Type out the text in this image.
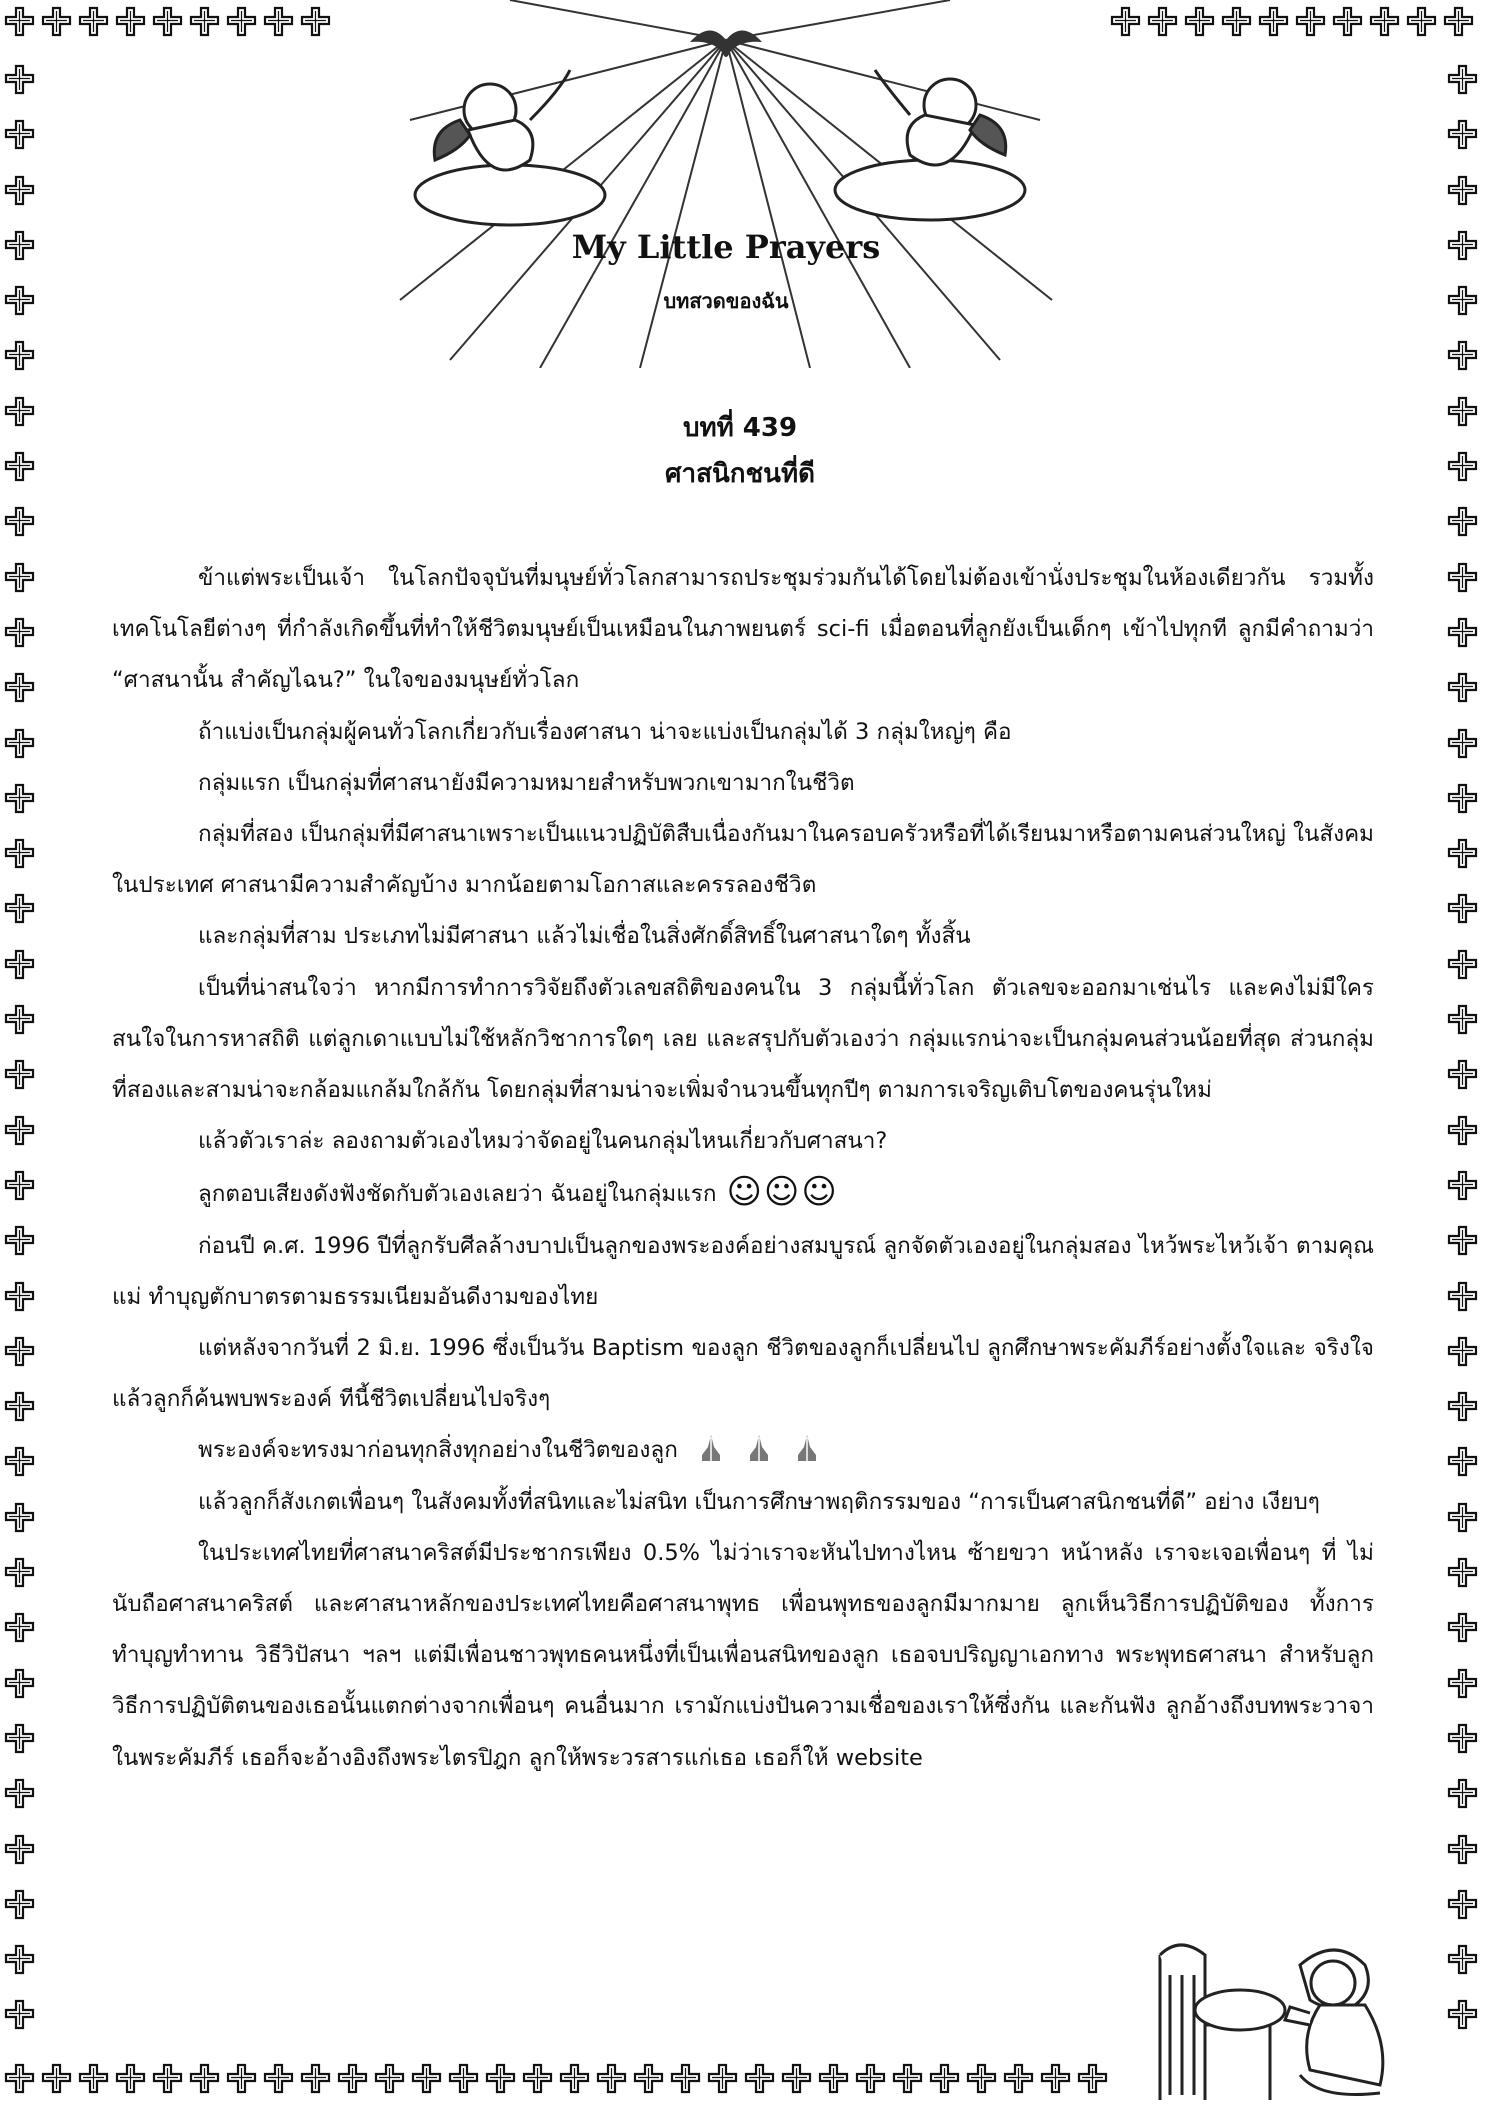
My Little Prayers
บทสวดของฉัน
บทที่ 439
ศาสนิกชนที่ดี

ข้าแต่พระเป็นเจ้า ในโลกปัจจุบันที่มนุษย์ทั่วโลกสามารถประชุมร่วมกันได้โดยไม่ต้องเข้านั่งประชุมในห้องเดียวกัน รวมทั้งเทคโนโลยีต่างๆ ที่กำลังเกิดขึ้นที่ทำให้ชีวิตมนุษย์เป็นเหมือนในภาพยนตร์ sci-fi เมื่อตอนที่ลูกยังเป็นเด็กๆ เข้าไปทุกที ลูกมีคำถามว่า “ศาสนานั้น สำคัญไฉน?” ในใจของมนุษย์ทั่วโลก

ถ้าแบ่งเป็นกลุ่มผู้คนทั่วโลกเกี่ยวกับเรื่องศาสนา น่าจะแบ่งเป็นกลุ่มได้ 3 กลุ่มใหญ่ๆ คือ

กลุ่มแรก เป็นกลุ่มที่ศาสนายังมีความหมายสำหรับพวกเขามากในชีวิต

กลุ่มที่สอง เป็นกลุ่มที่มีศาสนาเพราะเป็นแนวปฏิบัติสืบเนื่องกันมาในครอบครัวหรือที่ได้เรียนมาหรือตามคนส่วนใหญ่ ในสังคมในประเทศ ศาสนามีความสำคัญบ้าง มากน้อยตามโอกาสและครรลองชีวิต

และกลุ่มที่สาม ประเภทไม่มีศาสนา แล้วไม่เชื่อในสิ่งศักดิ์สิทธิ์ในศาสนาใดๆ ทั้งสิ้น

เป็นที่น่าสนใจว่า หากมีการทำการวิจัยถึงตัวเลขสถิติของคนใน 3 กลุ่มนี้ทั่วโลก ตัวเลขจะออกมาเช่นไร และคงไม่มีใคร สนใจในการหาสถิติ แต่ลูกเดาแบบไม่ใช้หลักวิชาการใดๆ เลย และสรุปกับตัวเองว่า กลุ่มแรกน่าจะเป็นกลุ่มคนส่วนน้อยที่สุด ส่วนกลุ่มที่สองและสามน่าจะกล้อมแกล้มใกล้กัน โดยกลุ่มที่สามน่าจะเพิ่มจำนวนขึ้นทุกปีๆ ตามการเจริญเติบโตของคนรุ่นใหม่

แล้วตัวเราล่ะ ลองถามตัวเองไหมว่าจัดอยู่ในคนกลุ่มไหนเกี่ยวกับศาสนา?

ลูกตอบเสียงดังฟังชัดกับตัวเองเลยว่า ฉันอยู่ในกลุ่มแรก ☺☺☺

ก่อนปี ค.ศ. 1996 ปีที่ลูกรับศีลล้างบาปเป็นลูกของพระองค์อย่างสมบูรณ์ ลูกจัดตัวเองอยู่ในกลุ่มสอง ไหว้พระไหว้เจ้า ตามคุณแม่ ทำบุญตักบาตรตามธรรมเนียมอันดีงามของไทย

แต่หลังจากวันที่ 2 มิ.ย. 1996 ซึ่งเป็นวัน Baptism ของลูก ชีวิตของลูกก็เปลี่ยนไป ลูกศึกษาพระคัมภีร์อย่างตั้งใจและ จริงใจ แล้วลูกก็ค้นพบพระองค์ ทีนี้ชีวิตเปลี่ยนไปจริงๆ

พระองค์จะทรงมาก่อนทุกสิ่งทุกอย่างในชีวิตของลูก

แล้วลูกก็สังเกตเพื่อนๆ ในสังคมทั้งที่สนิทและไม่สนิท เป็นการศึกษาพฤติกรรมของ “การเป็นศาสนิกชนที่ดี” อย่าง เงียบๆ

ในประเทศไทยที่ศาสนาคริสต์มีประชากรเพียง 0.5% ไม่ว่าเราจะหันไปทางไหน ซ้ายขวา หน้าหลัง เราจะเจอเพื่อนๆ ที่ ไม่นับถือศาสนาคริสต์ และศาสนาหลักของประเทศไทยคือศาสนาพุทธ เพื่อนพุทธของลูกมีมากมาย ลูกเห็นวิธีการปฏิบัติของ ทั้งการทำบุญทำทาน วิธีวิปัสนา ฯลฯ แต่มีเพื่อนชาวพุทธคนหนึ่งที่เป็นเพื่อนสนิทของลูก เธอจบปริญญาเอกทาง พระพุทธศาสนา สำหรับลูก วิธีการปฏิบัติตนของเธอนั้นแตกต่างจากเพื่อนๆ คนอื่นมาก เรามักแบ่งปันความเชื่อของเราให้ซึ่งกัน และกันฟัง ลูกอ้างถึงบทพระวาจาในพระคัมภีร์ เธอก็จะอ้างอิงถึงพระไตรปิฎก ลูกให้พระวรสารแก่เธอ เธอก็ให้ website
